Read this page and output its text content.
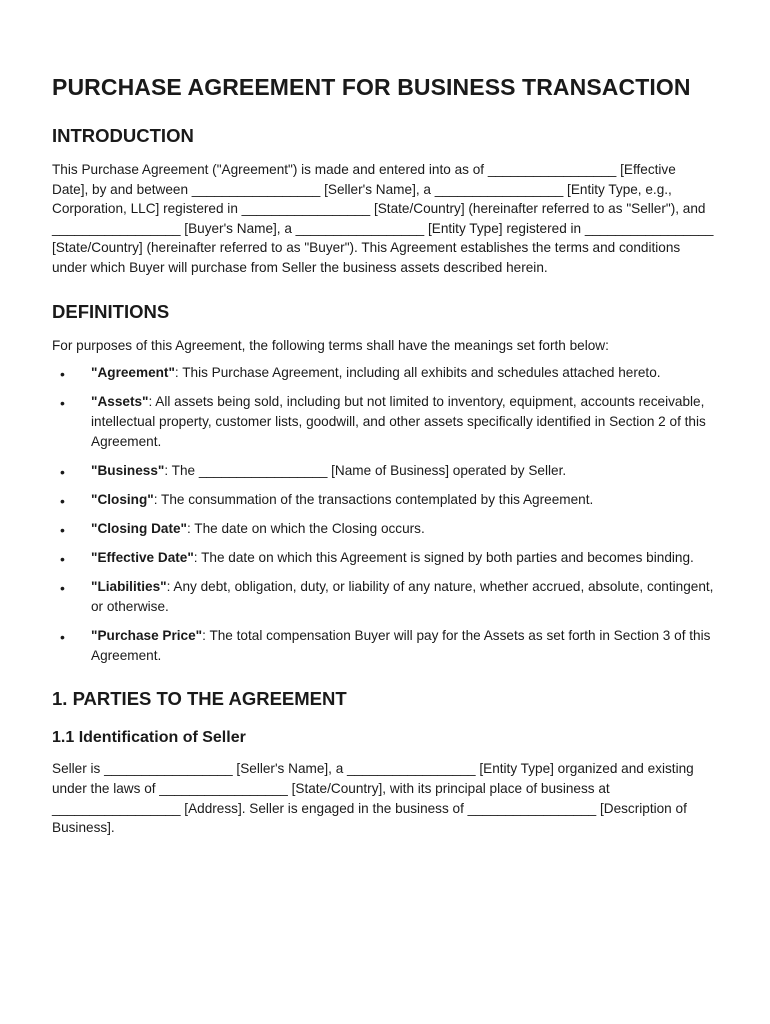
PURCHASE AGREEMENT FOR BUSINESS TRANSACTION
INTRODUCTION

This Purchase Agreement ("Agreement") is made and entered into as of _________________ [Effective Date], by and between _________________ [Seller's Name], a _________________ [Entity Type, e.g., Corporation, LLC] registered in _________________ [State/Country] (hereinafter referred to as "Seller"), and _________________ [Buyer's Name], a _________________ [Entity Type] registered in _________________ [State/Country] (hereinafter referred to as "Buyer"). This Agreement establishes the terms and conditions under which Buyer will purchase from Seller the business assets described herein.

DEFINITIONS

For purposes of this Agreement, the following terms shall have the meanings set forth below:

• "Agreement": This Purchase Agreement, including all exhibits and schedules attached hereto.
• "Assets": All assets being sold, including but not limited to inventory, equipment, accounts receivable, intellectual property, customer lists, goodwill, and other assets specifically identified in Section 2 of this Agreement.
• "Business": The _________________ [Name of Business] operated by Seller.
• "Closing": The consummation of the transactions contemplated by this Agreement.
• "Closing Date": The date on which the Closing occurs.
• "Effective Date": The date on which this Agreement is signed by both parties and becomes binding.
• "Liabilities": Any debt, obligation, duty, or liability of any nature, whether accrued, absolute, contingent, or otherwise.
• "Purchase Price": The total compensation Buyer will pay for the Assets as set forth in Section 3 of this Agreement.
1. PARTIES TO THE AGREEMENT
1.1 Identification of Seller

Seller is _________________ [Seller's Name], a _________________ [Entity Type] organized and existing under the laws of _________________ [State/Country], with its principal place of business at _________________ [Address]. Seller is engaged in the business of _________________ [Description of Business].
